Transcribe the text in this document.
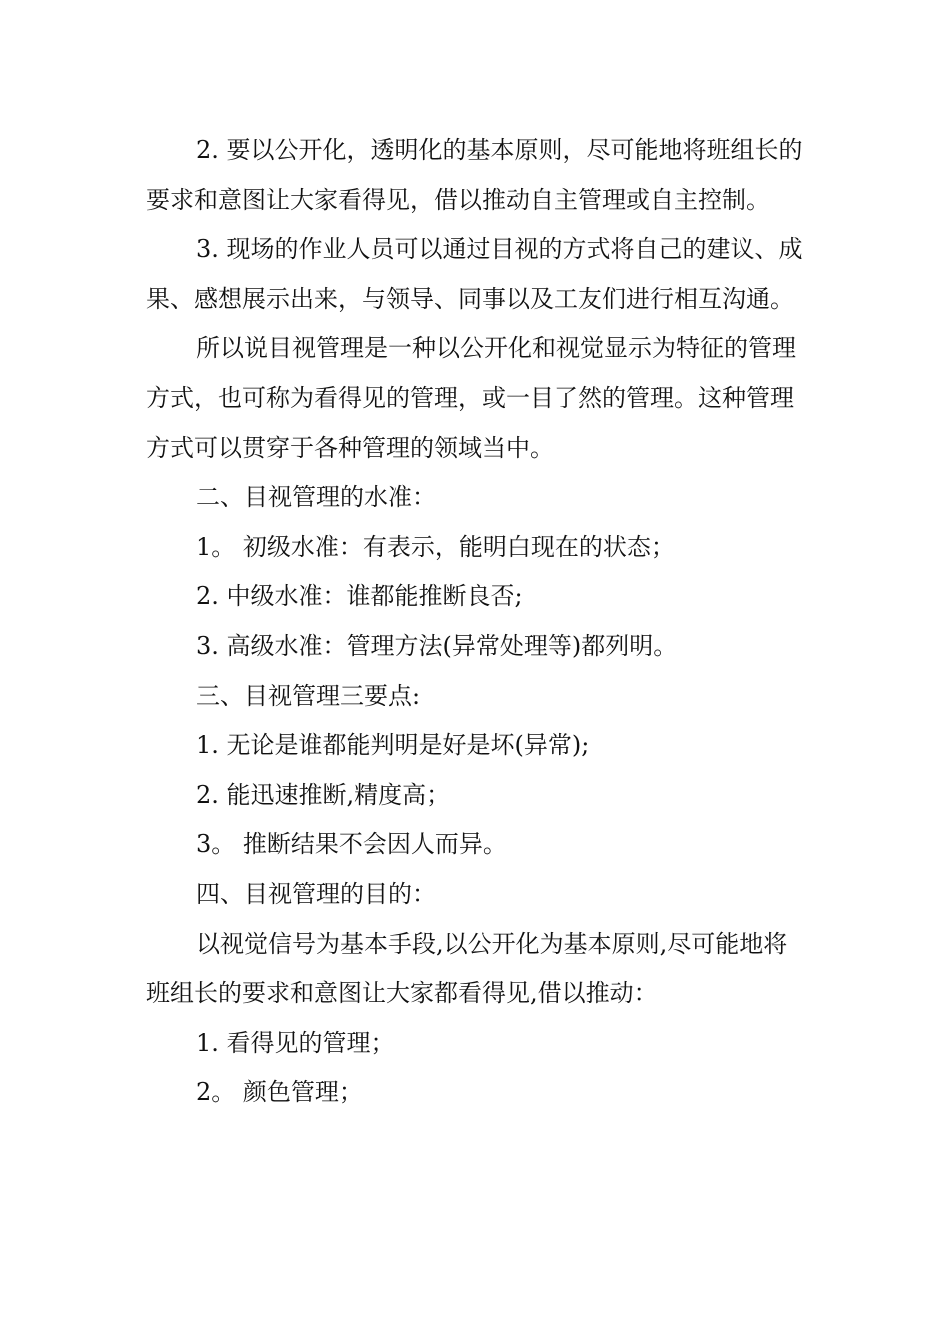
2. 要以公开化，透明化的基本原则，尽可能地将班组长的要求和意图让大家看得见，借以推动自主管理或自主控制。

3. 现场的作业人员可以通过目视的方式将自己的建议、成果、感想展示出来，与领导、同事以及工友们进行相互沟通。

所以说目视管理是一种以公开化和视觉显示为特征的管理方式，也可称为看得见的管理，或一目了然的管理。这种管理方式可以贯穿于各种管理的领域当中。

二、目视管理的水准：

1。 初级水准：有表示，能明白现在的状态；

2. 中级水准：谁都能推断良否;

3. 高级水准：管理方法(异常处理等)都列明。

三、目视管理三要点:

1. 无论是谁都能判明是好是坏(异常);

2. 能迅速推断,精度高；

3。 推断结果不会因人而异。

四、目视管理的目的：

以视觉信号为基本手段,以公开化为基本原则,尽可能地将班组长的要求和意图让大家都看得见,借以推动：

1. 看得见的管理；

2。 颜色管理；
